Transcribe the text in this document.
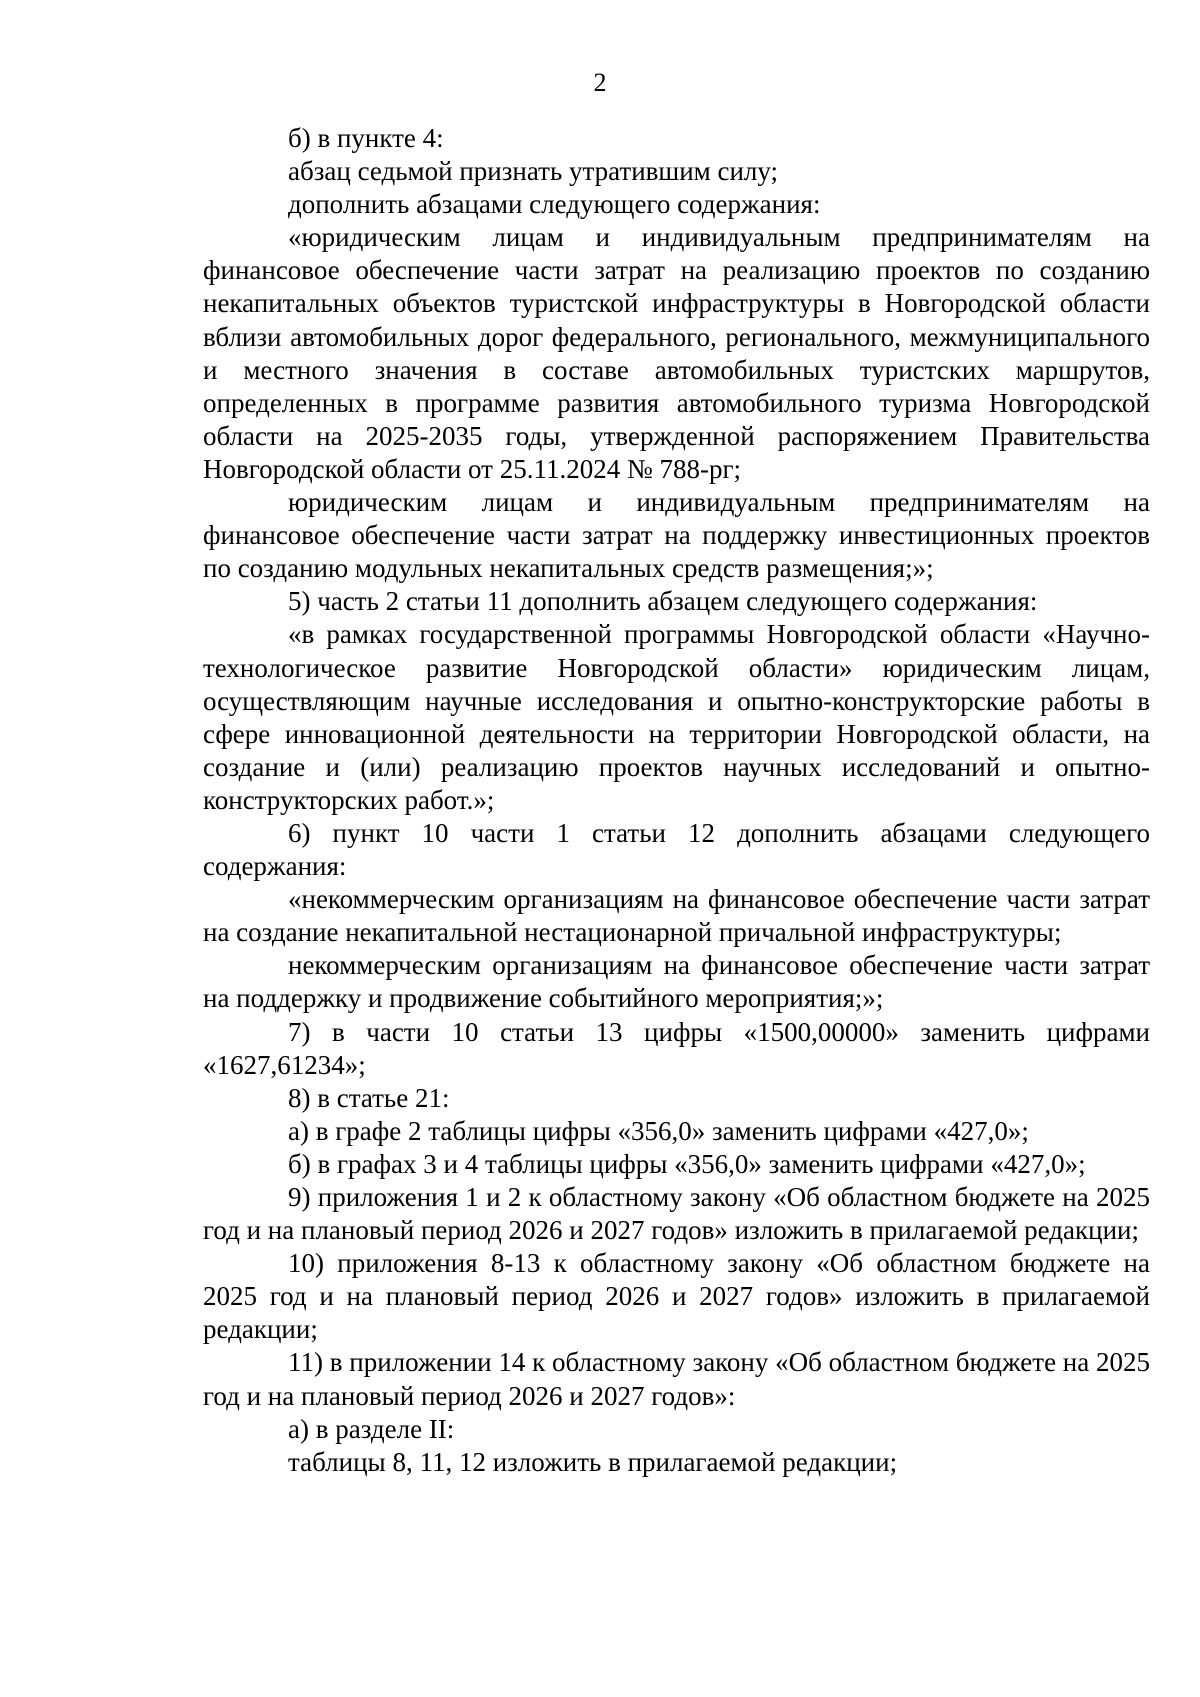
2

б) в пункте 4:

абзац седьмой признать утратившим силу;

дополнить абзацами следующего содержания:

«юридическим лицам и индивидуальным предпринимателям на финансовое обеспечение части затрат на реализацию проектов по созданию некапитальных объектов туристской инфраструктуры в Новгородской области вблизи автомобильных дорог федерального, регионального, межмуниципального и местного значения в составе автомобильных туристских маршрутов, определенных в программе развития автомобильного туризма Новгородской области на 2025-2035 годы, утвержденной распоряжением Правительства Новгородской области от 25.11.2024 № 788-рг;

юридическим лицам и индивидуальным предпринимателям на финансовое обеспечение части затрат на поддержку инвестиционных проектов по созданию модульных некапитальных средств размещения;»;

5) часть 2 статьи 11 дополнить абзацем следующего содержания:

«в рамках государственной программы Новгородской области «Научно-технологическое развитие Новгородской области» юридическим лицам, осуществляющим научные исследования и опытно-конструкторские работы в сфере инновационной деятельности на территории Новгородской области, на создание и (или) реализацию проектов научных исследований и опытно-конструкторских работ.»;

6) пункт 10 части 1 статьи 12 дополнить абзацами следующего содержания:

«некоммерческим организациям на финансовое обеспечение части затрат на создание некапитальной нестационарной причальной инфраструктуры;

некоммерческим организациям на финансовое обеспечение части затрат на поддержку и продвижение событийного мероприятия;»;

7) в части 10 статьи 13 цифры «1500,00000» заменить цифрами «1627,61234»;

8) в статье 21:

а) в графе 2 таблицы цифры «356,0» заменить цифрами «427,0»;

б) в графах 3 и 4 таблицы цифры «356,0» заменить цифрами «427,0»;

9) приложения 1 и 2 к областному закону «Об областном бюджете на 2025 год и на плановый период 2026 и 2027 годов» изложить в прилагаемой редакции;

10) приложения 8-13 к областному закону «Об областном бюджете на 2025 год и на плановый период 2026 и 2027 годов» изложить в прилагаемой редакции;

11) в приложении 14 к областному закону «Об областном бюджете на 2025 год и на плановый период 2026 и 2027 годов»:

а) в разделе II:

таблицы 8, 11, 12 изложить в прилагаемой редакции;
